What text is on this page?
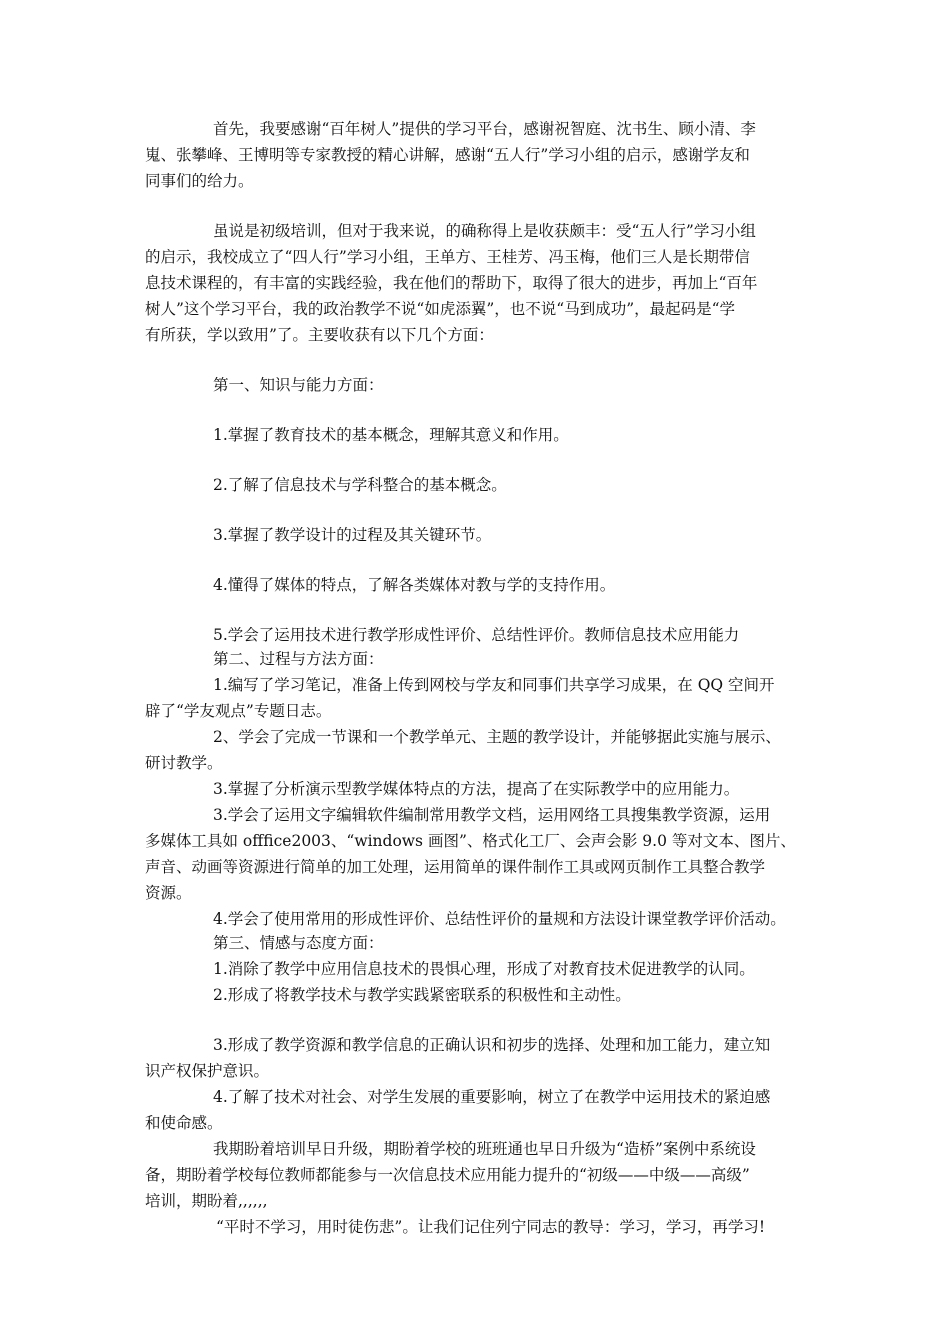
首先，我要感谢“百年树人”提供的学习平台，感谢祝智庭、沈书生、顾小清、李
嵬、张攀峰、王博明等专家教授的精心讲解，感谢“五人行”学习小组的启示，感谢学友和
同事们的给力。
虽说是初级培训，但对于我来说，的确称得上是收获颇丰：受“五人行”学习小组
的启示，我校成立了“四人行”学习小组，王单方、王桂芳、冯玉梅，他们三人是长期带信
息技术课程的，有丰富的实践经验，我在他们的帮助下，取得了很大的进步，再加上“百年
树人”这个学习平台，我的政治教学不说“如虎添翼”，也不说“马到成功”，最起码是“学
有所获，学以致用”了。主要收获有以下几个方面：
第一、知识与能力方面：
1.掌握了教育技术的基本概念，理解其意义和作用。
2.了解了信息技术与学科整合的基本概念。
3.掌握了教学设计的过程及其关键环节。
4.懂得了媒体的特点，了解各类媒体对教与学的支持作用。
5.学会了运用技术进行教学形成性评价、总结性评价。教师信息技术应用能力
第二、过程与方法方面：
1.编写了学习笔记，准备上传到网校与学友和同事们共享学习成果，在 QQ 空间开
辟了“学友观点”专题日志。
2、学会了完成一节课和一个教学单元、主题的教学设计，并能够据此实施与展示、
研讨教学。
3.掌握了分析演示型教学媒体特点的方法，提高了在实际教学中的应用能力。
3.学会了运用文字编辑软件编制常用教学文档，运用网络工具搜集教学资源，运用
多媒体工具如 offfice2003、“windows 画图”、格式化工厂、会声会影 9.0 等对文本、图片、
声音、动画等资源进行简单的加工处理，运用简单的课件制作工具或网页制作工具整合教学
资源。
4.学会了使用常用的形成性评价、总结性评价的量规和方法设计课堂教学评价活动。
第三、情感与态度方面：
1.消除了教学中应用信息技术的畏惧心理，形成了对教育技术促进教学的认同。
2.形成了将教学技术与教学实践紧密联系的积极性和主动性。
3.形成了教学资源和教学信息的正确认识和初步的选择、处理和加工能力，建立知
识产权保护意识。
4.了解了技术对社会、对学生发展的重要影响，树立了在教学中运用技术的紧迫感
和使命感。
我期盼着培训早日升级，期盼着学校的班班通也早日升级为“造桥”案例中系统设
备，期盼着学校每位教师都能参与一次信息技术应用能力提升的“初级——中级——高级”
培训，期盼着,,,,,,
“平时不学习，用时徒伤悲”。让我们记住列宁同志的教导：学习，学习，再学习!
